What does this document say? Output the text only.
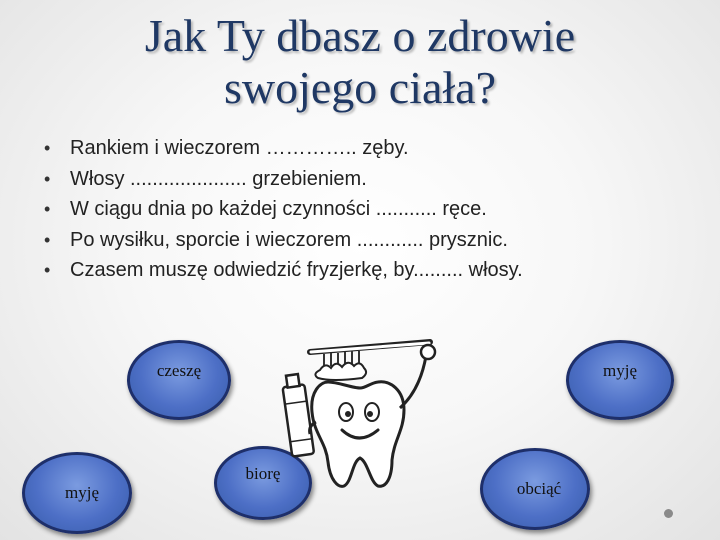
Jak Ty dbasz o zdrowie
swojego ciała?
• Rankiem i wieczorem ………….. zęby.
• Włosy ..................... grzebieniem.
• W ciągu dnia po każdej czynności ........... ręce.
• Po wysiłku, sporcie i wieczorem ............ prysznic.
• Czasem muszę odwiedzić fryzjerkę, by......... włosy.
czeszę	myję
myję
biorę
obciąć
